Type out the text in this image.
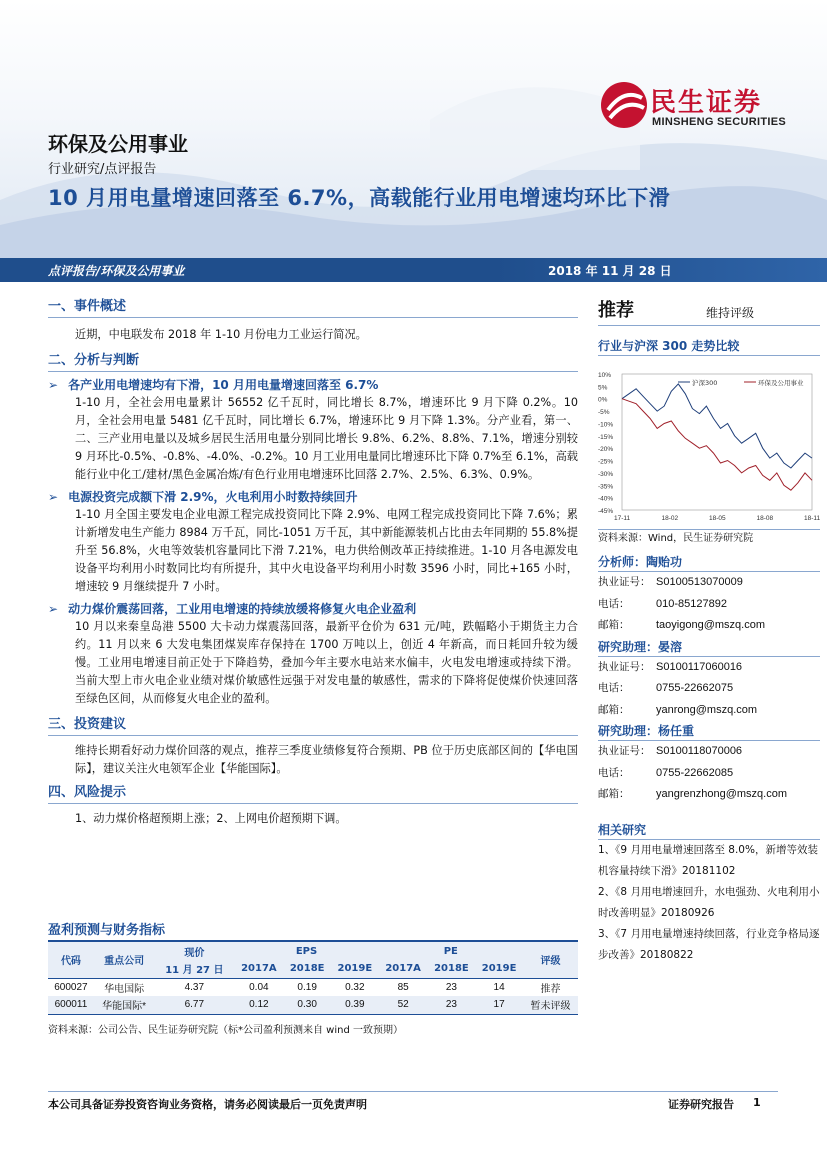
民生证券
MINSHENG SECURITIES
环保及公用事业
行业研究/点评报告
10 月用电量增速回落至 6.7%，高载能行业用电增速均环比下滑
点评报告/环保及公用事业	2018 年 11 月 28 日
一、事件概述
近期，中电联发布 2018 年 1-10 月份电力工业运行简况。
二、分析与判断
➢ 各产业用电增速均有下滑，10 月用电量增速回落至 6.7%
1-10 月，全社会用电量累计 56552 亿千瓦时，同比增长 8.7%，增速环比 9 月下降 0.2%。10 月，全社会用电量 5481 亿千瓦时，同比增长 6.7%，增速环比 9 月下降 1.3%。分产业看，第一、二、三产业用电量以及城乡居民生活用电量分别同比增长 9.8%、6.2%、8.8%、7.1%，增速分别较 9 月环比-0.5%、-0.8%、-4.0%、-0.2%。10 月工业用电量同比增速环比下降 0.7%至 6.1%，高载能行业中化工/建材/黑色金属冶炼/有色行业用电增速环比回落 2.7%、2.5%、6.3%、0.9%。
➢ 电源投资完成额下滑 2.9%，火电利用小时数持续回升
1-10 月全国主要发电企业电源工程完成投资同比下降 2.9%、电网工程完成投资同比下降 7.6%；累计新增发电生产能力 8984 万千瓦，同比-1051 万千瓦，其中新能源装机占比由去年同期的 55.8%提升至 56.8%，火电等效装机容量同比下滑 7.21%，电力供给侧改革正持续推进。1-10 月各电源发电设备平均利用小时数同比均有所提升，其中火电设备平均利用小时数 3596 小时，同比+165 小时，增速较 9 月继续提升 7 小时。
➢ 动力煤价震荡回落，工业用电增速的持续放缓将修复火电企业盈利
10 月以来秦皇岛港 5500 大卡动力煤震荡回落，最新平仓价为 631 元/吨，跌幅略小于期货主力合约。11 月以来 6 大发电集团煤炭库存保持在 1700 万吨以上，创近 4 年新高，而日耗回升较为缓慢。工业用电增速目前正处于下降趋势，叠加今年主要水电站来水偏丰，火电发电增速或持续下滑。当前大型上市火电企业业绩对煤价敏感性远强于对发电量的敏感性，需求的下降将促使煤价快速回落至绿色区间，从而修复火电企业的盈利。
三、投资建议
维持长期看好动力煤价回落的观点，推荐三季度业绩修复符合预期、PB 位于历史底部区间的【华电国际】，建议关注火电领军企业【华能国际】。
四、风险提示
1、动力煤价格超预期上涨；2、上网电价超预期下调。
盈利预测与财务指标
代码	重点公司	现价	EPS			PE			评级
		11 月 27 日	2017A	2018E	2019E	2017A	2018E	2019E	
600027	华电国际	4.37	0.04	0.19	0.32	85	23	14	推荐
600011	华能国际*	6.77	0.12	0.30	0.39	52	23	17	暂未评级
资料来源：公司公告、民生证券研究院（标*公司盈利预测来自 wind 一致预期）
推荐	维持评级
行业与沪深 300 走势比较
10%
5%
0%
-5%
-10%
-15%
-20%
-25%
-30%
-35%
-40%
-45%
17-11	18-02	18-05	18-08	18-11
沪深300	环保及公用事业
资料来源：Wind，民生证券研究院
分析师：陶贻功
执业证号： S0100513070009
电话：	010-85127892
邮箱：	taoyigong@mszq.com
研究助理：晏溶
执业证号： S0100117060016
电话：	0755-22662075
邮箱：	yanrong@mszq.com
研究助理：杨任重
执业证号： S0100118070006
电话：	0755-22662085
邮箱：	yangrenzhong@mszq.com
相关研究
1、《9 月用电量增速回落至 8.0%，新增等效装机容量持续下滑》20181102
2、《8 月用电增速回升，水电强劲、火电利用小时改善明显》20180926
3、《7 月用电量增速持续回落，行业竞争格局逐步改善》20180822
本公司具备证券投资咨询业务资格，请务必阅读最后一页免责声明	证券研究报告 1
